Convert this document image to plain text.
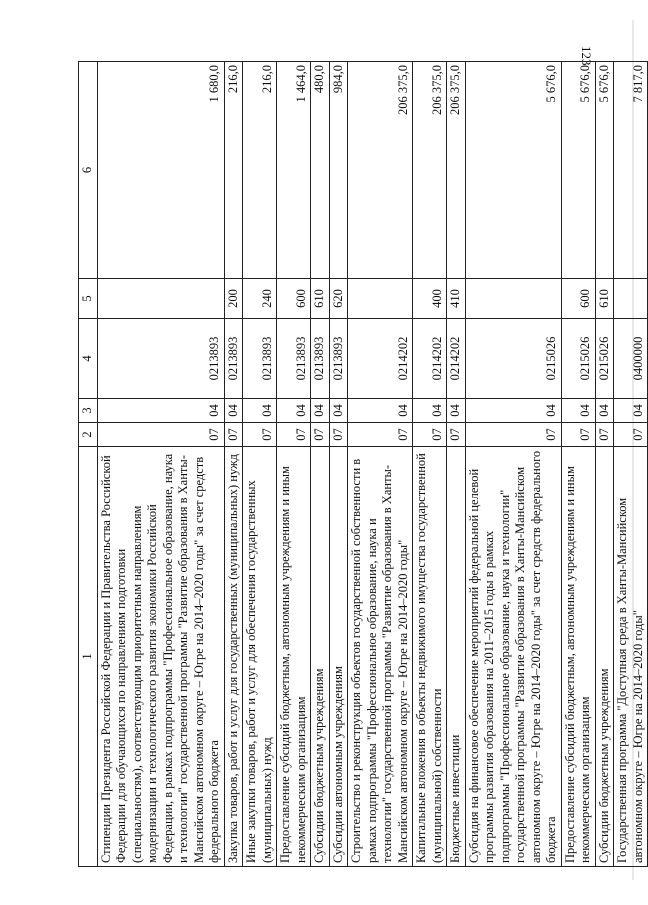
123
1	2	3	4	5	6
Стипендии Президента Российской Федерации и Правительства Российской Федерации для обучающихся по направлениям подготовки (специальностям), соответствующим приоритетным направлениям модернизации и технологического развития экономики Российской Федерации, в рамках подпрограммы "Профессиональное образование, наука и технологии" государственной программы "Развитие образования в Ханты-Мансийском автономном округе – Югре на 2014–2020 годы" за счет средств федерального бюджета	07	04	0213893		1 680,0
Закупка товаров, работ и услуг для государственных (муниципальных) нужд	07	04	0213893	200	216,0
Иные закупки товаров, работ и услуг для обеспечения государственных (муниципальных) нужд	07	04	0213893	240	216,0
Предоставление субсидий бюджетным, автономным учреждениям и иным некоммерческим организациям	07	04	0213893	600	1 464,0
Субсидии бюджетным учреждениям	07	04	0213893	610	480,0
Субсидии автономным учреждениям	07	04	0213893	620	984,0
Строительство и реконструкция объектов государственной собственности в рамках подпрограммы "Профессиональное образование, наука и технологии" государственной программы "Развитие образования в Ханты-Мансийском автономном округе – Югре на 2014–2020 годы"	07	04	0214202		206 375,0
Капитальные вложения в объекты недвижимого имущества государственной (муниципальной) собственности	07	04	0214202	400	206 375,0
Бюджетные инвестиции	07	04	0214202	410	206 375,0
Субсидия на финансовое обеспечение мероприятий федеральной целевой программы развития образования на 2011–2015 годы в рамках подпрограммы "Профессиональное образование, наука и технологии" государственной программы "Развитие образования в Ханты-Мансийском автономном округе – Югре на 2014–2020 годы" за счет средств федерального бюджета	07	04	0215026		5 676,0
Предоставление субсидий бюджетным, автономным учреждениям и иным некоммерческим организациям	07	04	0215026	600	5 676,0
Субсидии бюджетным учреждениям	07	04	0215026	610	5 676,0
Государственная программа "Доступная среда в Ханты-Мансийском автономном округе – Югре на 2014–2020 годы"	07	04	0400000		7 817,0
